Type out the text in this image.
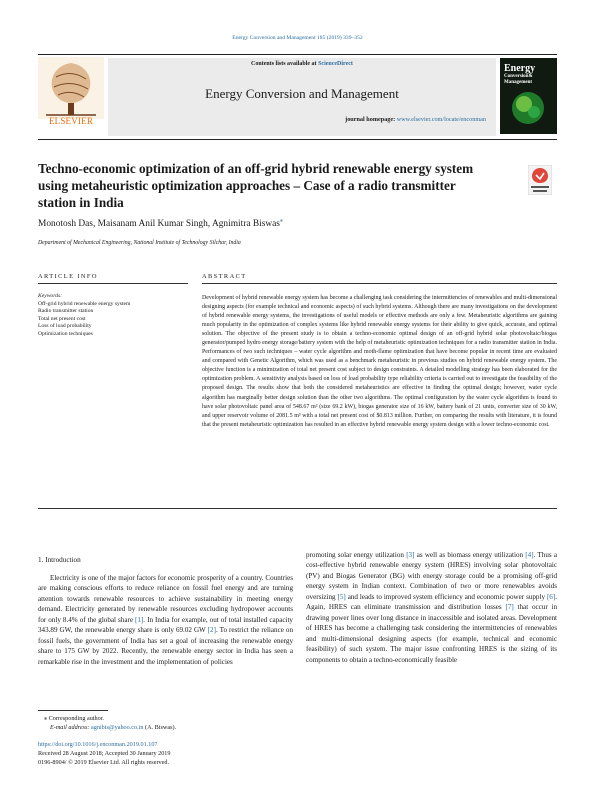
Energy Conversion and Management 185 (2019) 339–352
ELSEVIER
Contents lists available at ScienceDirect
Energy Conversion and Management
journal homepage: www.elsevier.com/locate/enconman
Energy
Conversion&
Management
Techno-economic optimization of an off-grid hybrid renewable energy system using metaheuristic optimization approaches – Case of a radio transmitter station in India
Monotosh Das, Maisanam Anil Kumar Singh, Agnimitra Biswas⁎
Department of Mechanical Engineering, National Institute of Technology Silchar, India
ARTICLE INFO	ABSTRACT
Keywords:
Off-grid hybrid renewable energy system
Radio transmitter station
Total net present cost
Loss of load probability
Optimization techniques
Development of hybrid renewable energy system has become a challenging task considering the intermittencies of renewables and multi-dimensional designing aspects (for example technical and economic aspects) of such hybrid systems. Although there are many investigations on the development of hybrid renewable energy systems, the investigations of useful models or effective methods are only a few. Metaheuristic algorithms are gaining much popularity in the optimization of complex systems like hybrid renewable energy systems for their ability to give quick, accurate, and optimal solution. The objective of the present study is to obtain a techno-economic optimal design of an off-grid hybrid solar photovoltaic/biogas generator/pumped hydro energy storage/battery system with the help of metaheuristic optimization techniques for a radio transmitter station in India. Performances of two such techniques – water cycle algorithm and moth-flame optimization that have become popular in recent time are evaluated and compared with Genetic Algorithm, which was used as a benchmark metaheuristic in previous studies on hybrid renewable energy system. The objective function is a minimization of total net present cost subject to design constraints. A detailed modelling strategy has been elaborated for the optimization problem. A sensitivity analysis based on loss of load probability type reliability criteria is carried out to investigate the feasibility of the proposed design. The results show that both the considered metaheuristics are effective in finding the optimal design; however, water cycle algorithm has marginally better design solution than the other two algorithms. The optimal configuration by the water cycle algorithm is found to have solar photovoltaic panel area of 548.67 m² (size 69.2 kW), biogas generator size of 16 kW, battery bank of 21 units, converter size of 30 kW, and upper reservoir volume of 2081.5 m³ with a total net present cost of $0.813 million. Further, on comparing the results with literature, it is found that the present metaheuristic optimization has resulted in an effective hybrid renewable energy system design with a lower techno-economic cost.
1. Introduction
Electricity is one of the major factors for economic prosperity of a country. Countries are making conscious efforts to reduce reliance on fossil fuel energy and are turning attention towards renewable resources to achieve sustainability in meeting energy demand. Electricity generated by renewable resources excluding hydropower accounts for only 8.4% of the global share [1]. In India for example, out of total installed capacity 343.89 GW, the renewable energy share is only 69.02 GW [2]. To restrict the reliance on fossil fuels, the government of India has set a goal of increasing the renewable energy share to 175 GW by 2022. Recently, the renewable energy sector in India has seen a remarkable rise in the investment and the implementation of policies
promoting solar energy utilization [3] as well as biomass energy utilization [4]. Thus a cost-effective hybrid renewable energy system (HRES) involving solar photovoltaic (PV) and Biogas Generator (BG) with energy storage could be a promising off-grid energy system in Indian context. Combination of two or more renewables avoids oversizing [5] and leads to improved system efficiency and economic power supply [6]. Again, HRES can eliminate transmission and distribution losses [7] that occur in drawing power lines over long distance in inaccessible and isolated areas. Development of HRES has become a challenging task considering the intermittencies of renewables and multi-dimensional designing aspects (for example, technical and economic feasibility) of such system. The major issue confronting HRES is the sizing of its components to obtain a techno-economically feasible
⁎ Corresponding author.
E-mail address: agnibis@yahoo.co.in (A. Biswas).
https://doi.org/10.1016/j.enconman.2019.01.107
Received 28 August 2018; Accepted 30 January 2019
0196-8904/ © 2019 Elsevier Ltd. All rights reserved.
